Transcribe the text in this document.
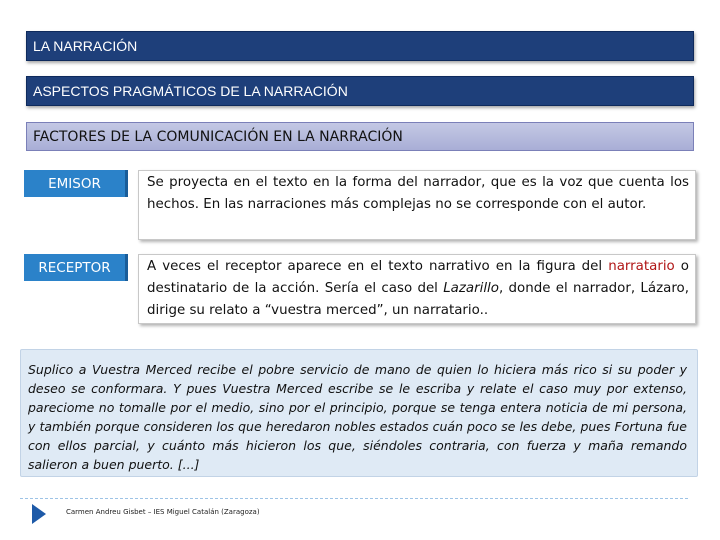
LA NARRACIÓN
ASPECTOS PRAGMÁTICOS DE LA NARRACIÓN
FACTORES DE LA COMUNICACIÓN EN LA NARRACIÓN
EMISOR	Se proyecta en el texto en la forma del narrador, que es la voz que cuenta los hechos. En las narraciones más complejas no se corresponde con el autor.
RECEPTOR	A veces el receptor aparece en el texto narrativo en la figura del narratario o destinatario de la acción. Sería el caso del Lazarillo, donde el narrador, Lázaro, dirige su relato a “vuestra merced”, un narratario..
Suplico a Vuestra Merced recibe el pobre servicio de mano de quien lo hiciera más rico si su poder y deseo se conformara. Y pues Vuestra Merced escribe se le escriba y relate el caso muy por extenso, pareciome no tomalle por el medio, sino por el principio, porque se tenga entera noticia de mi persona, y también porque consideren los que heredaron nobles estados cuán poco se les debe, pues Fortuna fue con ellos parcial, y cuánto más hicieron los que, siéndoles contraria, con fuerza y maña remando salieron a buen puerto. [...]
Carmen Andreu Gisbet – IES Miguel Catalán (Zaragoza)
